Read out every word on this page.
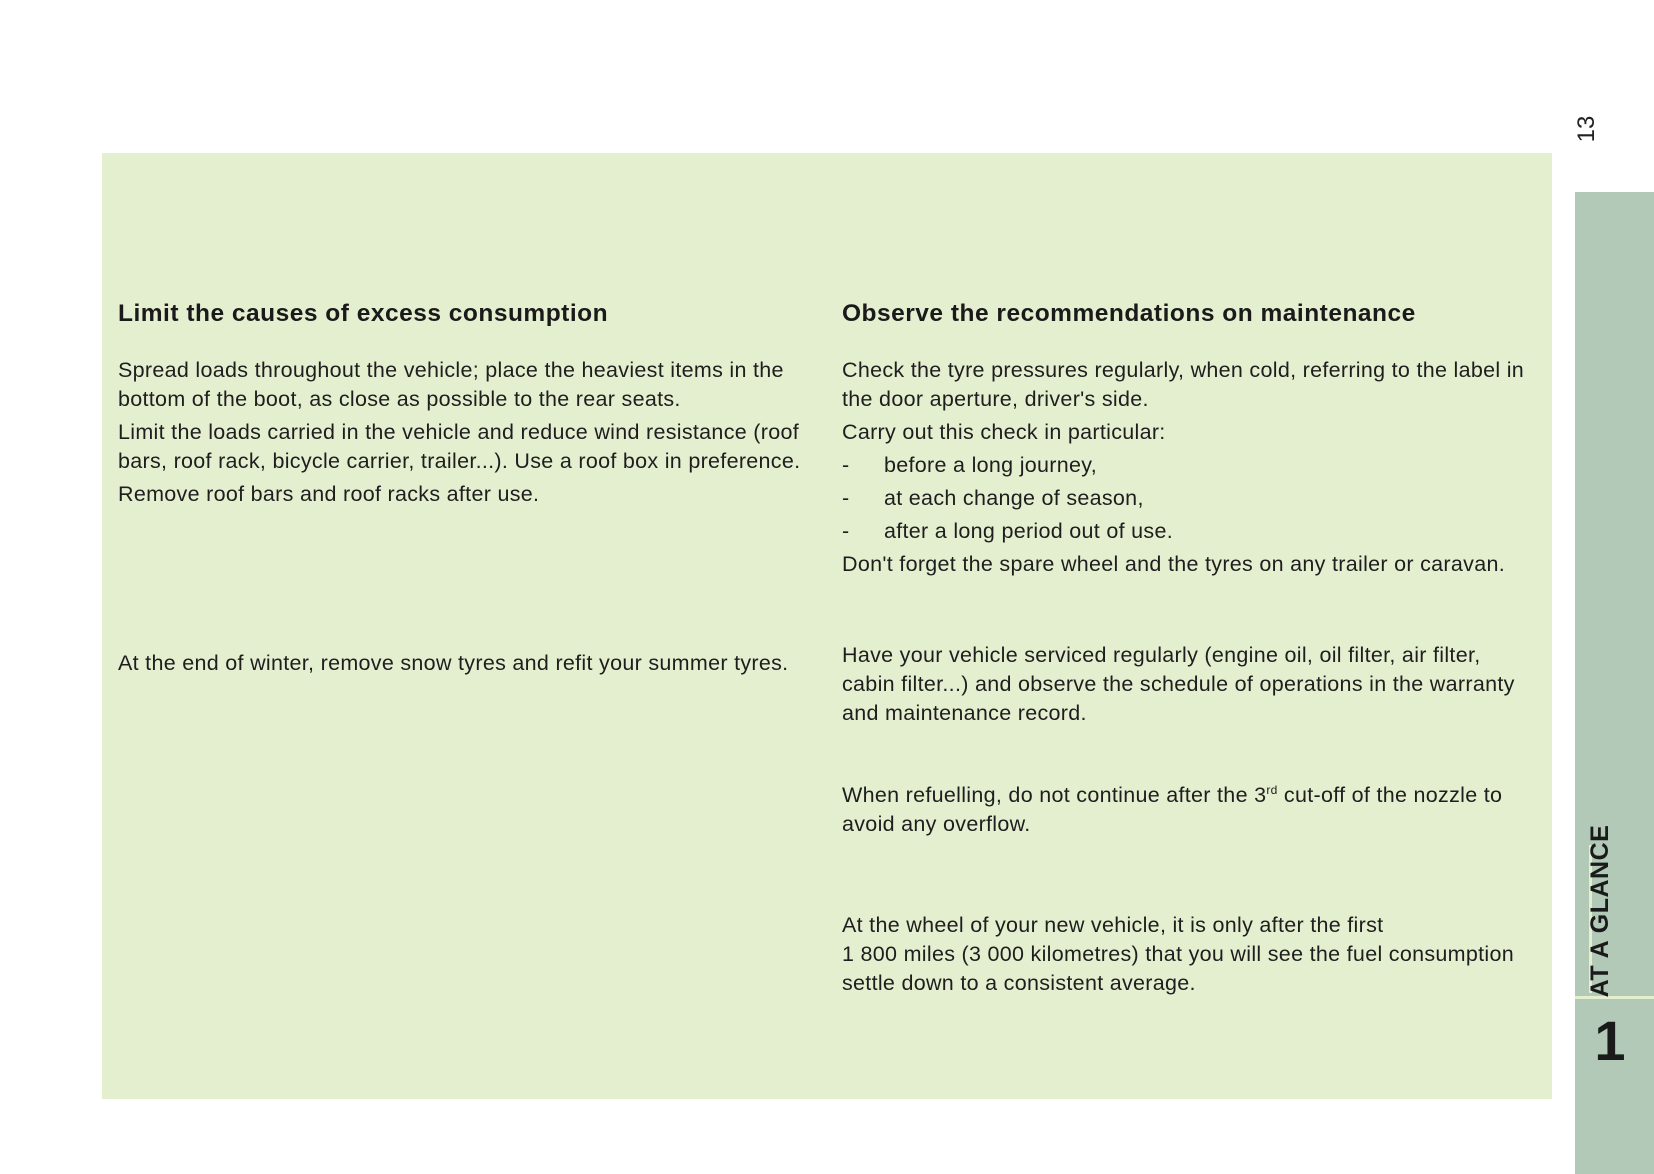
13
AT A GLANCE
1
Limit the causes of excess consumption

Spread loads throughout the vehicle; place the heaviest items in the bottom of the boot, as close as possible to the rear seats.

Limit the loads carried in the vehicle and reduce wind resistance (roof bars, roof rack, bicycle carrier, trailer...). Use a roof box in preference.

Remove roof bars and roof racks after use.

At the end of winter, remove snow tyres and refit your summer tyres.

Observe the recommendations on maintenance

Check the tyre pressures regularly, when cold, referring to the label in the door aperture, driver's side.

Carry out this check in particular:

- before a long journey,
- at each change of season,
- after a long period out of use.

Don't forget the spare wheel and the tyres on any trailer or caravan.

Have your vehicle serviced regularly (engine oil, oil filter, air filter, cabin filter...) and observe the schedule of operations in the warranty and maintenance record.

When refuelling, do not continue after the 3rd cut-off of the nozzle to avoid any overflow.

At the wheel of your new vehicle, it is only after the first
1 800 miles (3 000 kilometres) that you will see the fuel consumption settle down to a consistent average.
